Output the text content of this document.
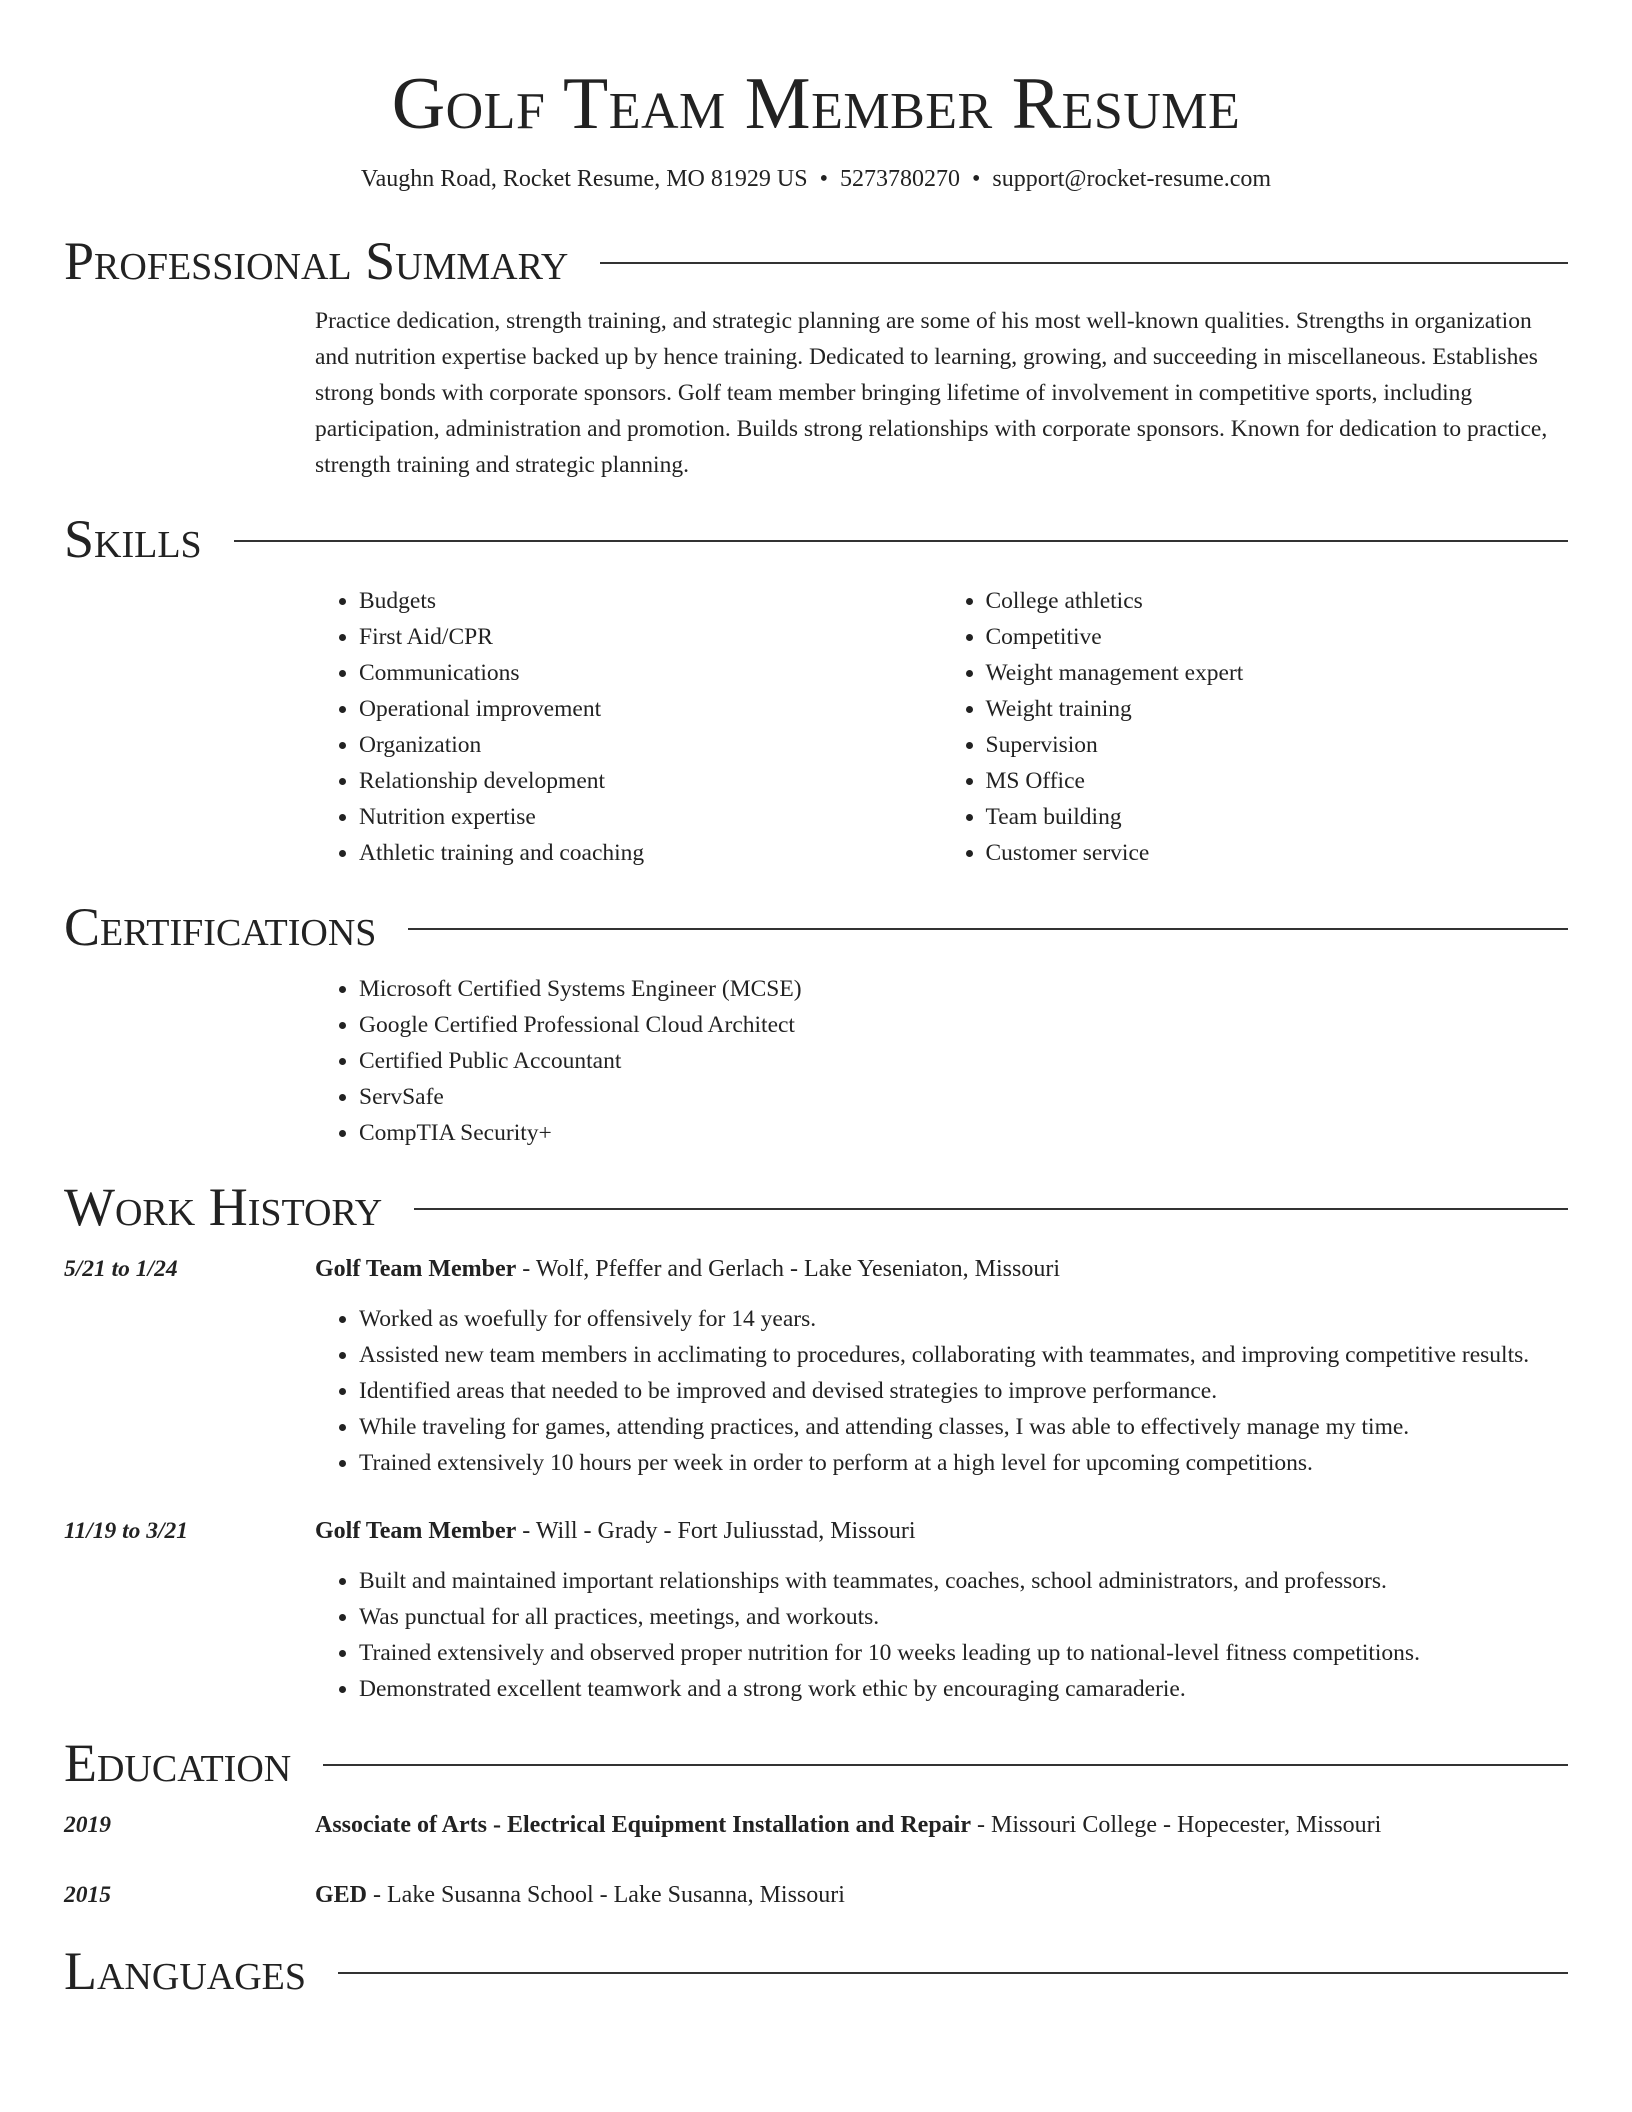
Golf Team Member Resume
Vaughn Road, Rocket Resume, MO 81929 US • 5273780270 • support@rocket-resume.com
Professional Summary

Practice dedication, strength training, and strategic planning are some of his most well-known qualities. Strengths in organization and nutrition expertise backed up by hence training. Dedicated to learning, growing, and succeeding in miscellaneous. Establishes strong bonds with corporate sponsors. Golf team member bringing lifetime of involvement in competitive sports, including participation, administration and promotion. Builds strong relationships with corporate sponsors. Known for dedication to practice, strength training and strategic planning.

Skills
• Budgets
• First Aid/CPR
• Communications
• Operational improvement
• Organization
• Relationship development
• Nutrition expertise
• Athletic training and coaching
• College athletics
• Competitive
• Weight management expert
• Weight training
• Supervision
• MS Office
• Team building
• Customer service
Certifications
• Microsoft Certified Systems Engineer (MCSE)
• Google Certified Professional Cloud Architect
• Certified Public Accountant
• ServSafe
• CompTIA Security+
Work History
5/21 to 1/24	Golf Team Member - Wolf, Pfeffer and Gerlach - Lake Yeseniaton, Missouri
• Worked as woefully for offensively for 14 years.
• Assisted new team members in acclimating to procedures, collaborating with teammates, and improving competitive results.
• Identified areas that needed to be improved and devised strategies to improve performance.
• While traveling for games, attending practices, and attending classes, I was able to effectively manage my time.
• Trained extensively 10 hours per week in order to perform at a high level for upcoming competitions.
11/19 to 3/21	Golf Team Member - Will - Grady - Fort Juliusstad, Missouri
• Built and maintained important relationships with teammates, coaches, school administrators, and professors.
• Was punctual for all practices, meetings, and workouts.
• Trained extensively and observed proper nutrition for 10 weeks leading up to national-level fitness competitions.
• Demonstrated excellent teamwork and a strong work ethic by encouraging camaraderie.
Education
2019	Associate of Arts - Electrical Equipment Installation and Repair - Missouri College - Hopecester, Missouri
2015	GED - Lake Susanna School - Lake Susanna, Missouri
Languages
